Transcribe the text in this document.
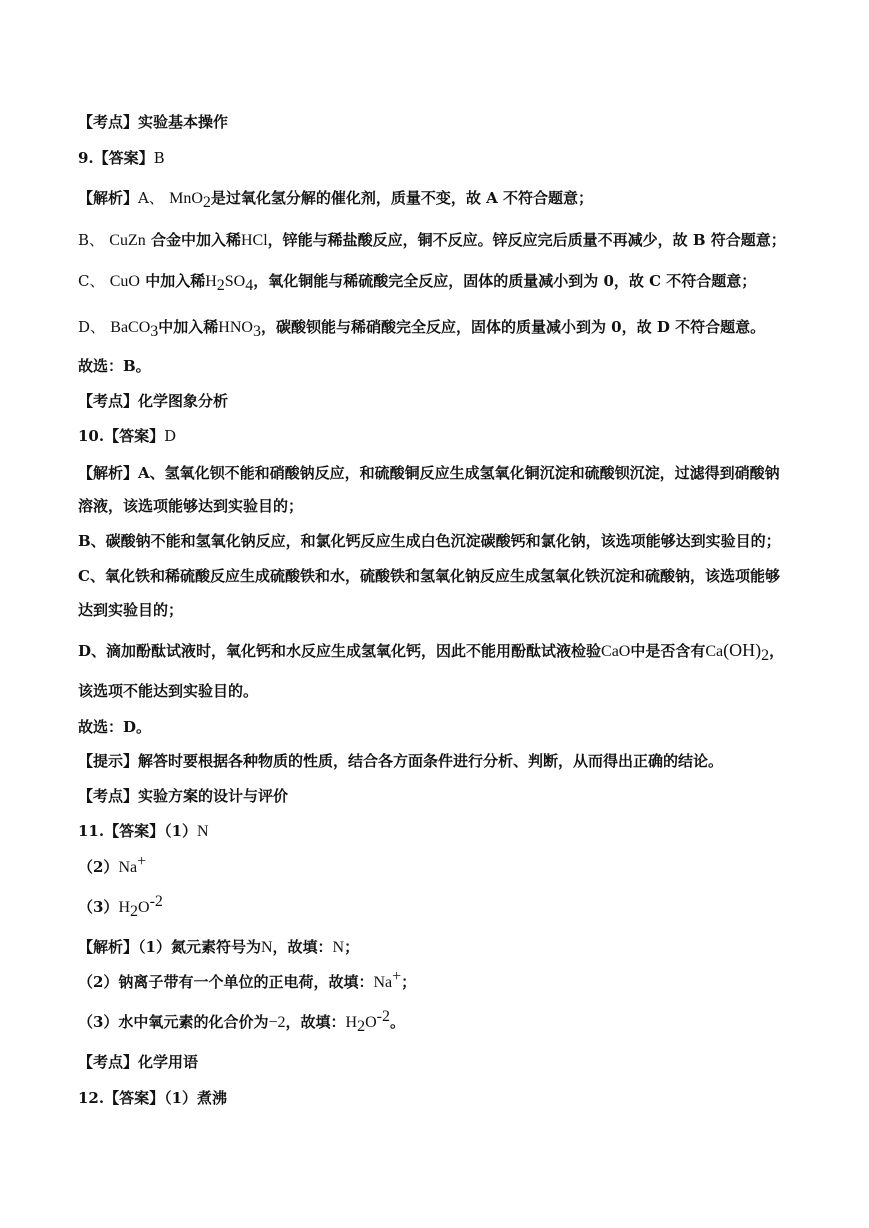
【考点】实验基本操作
9.【答案】B
【解析】A、 MnO$_2$是过氧化氢分解的催化剂，质量不变，故 A 不符合题意；
B、 CuZn 合金中加入稀HCl，锌能与稀盐酸反应，铜不反应。锌反应完后质量不再减少，故 B 符合题意；
C、 CuO 中加入稀$H_2SO_4$，氧化铜能与稀硫酸完全反应，固体的质量减小到为 0，故 C 不符合题意；
D、 BaCO$_3$中加入稀$HNO_3$，碳酸钡能与稀硝酸完全反应，固体的质量减小到为 0，故 D 不符合题意。
故选：B。
【考点】化学图象分析
10.【答案】D
【解析】A、氢氧化钡不能和硝酸钠反应，和硫酸铜反应生成氢氧化铜沉淀和硫酸钡沉淀，过滤得到硝酸钠
溶液，该选项能够达到实验目的；
B、碳酸钠不能和氢氧化钠反应，和氯化钙反应生成白色沉淀碳酸钙和氯化钠，该选项能够达到实验目的；
C、氧化铁和稀硫酸反应生成硫酸铁和水，硫酸铁和氢氧化钠反应生成氢氧化铁沉淀和硫酸钠，该选项能够
达到实验目的；
D、滴加酚酞试液时，氧化钙和水反应生成氢氧化钙，因此不能用酚酞试液检验CaO中是否含有$Ca(OH)_2$，
该选项不能达到实验目的。
故选：D。
【提示】解答时要根据各种物质的性质，结合各方面条件进行分析、判断，从而得出正确的结论。
【考点】实验方案的设计与评价
11.【答案】（1）N
（2）Na+
$(3)H_2O^{-2}$
【解析】（1）氮元素符号为N，故填：N；
（2）钠离子带有一个单位的正电荷，故填：Na+；
（3）水中氧元素的化合价为−2，故填：$H_2O^{-2}$。
【考点】化学用语
12.【答案】（1）煮沸
